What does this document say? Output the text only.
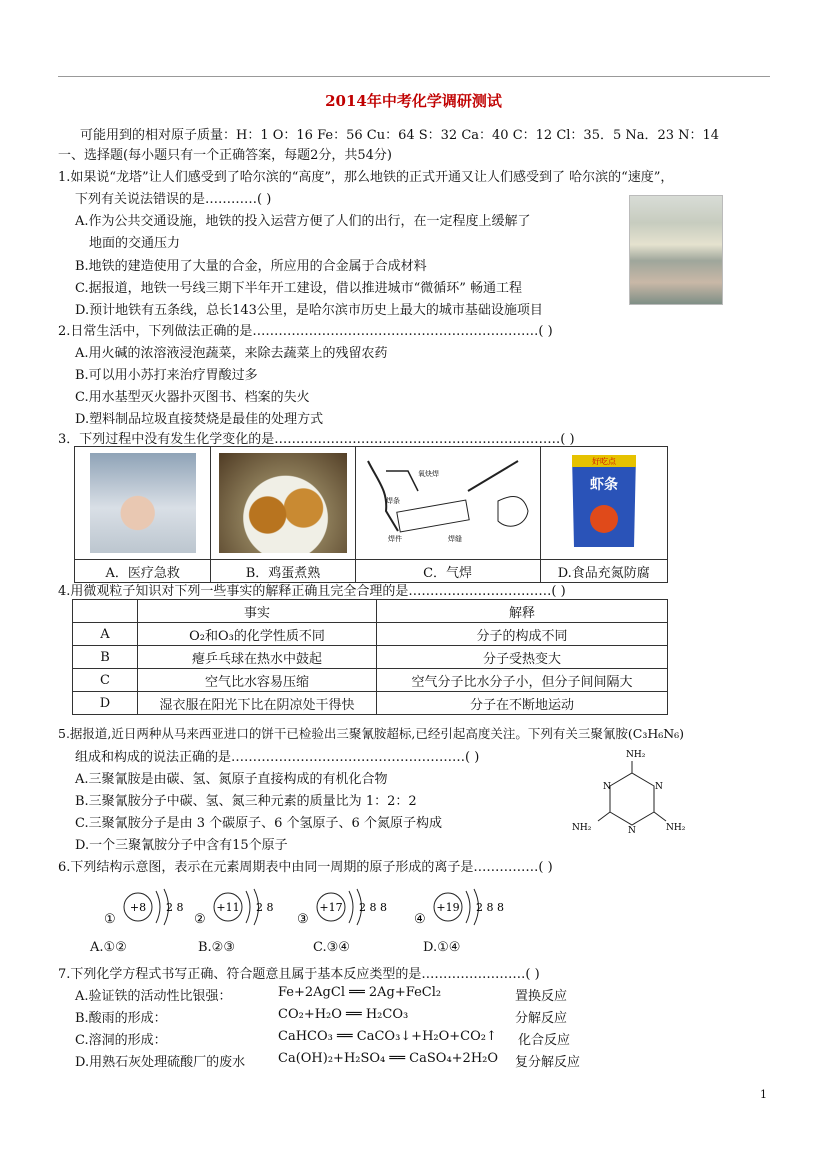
2014年中考化学调研测试
可能用到的相对原子质量：H：1 O：16 Fe：56 Cu：64 S：32 Ca：40 C：12 Cl：35．5 Na．23 N：14
一、选择题(每小题只有一个正确答案，每题2分，共54分)
1.如果说“龙塔”让人们感受到了哈尔滨的“高度”，那么地铁的正式开通又让人们感受到了 哈尔滨的“速度”，
下列有关说法错误的是…………( )
A.作为公共交通设施，地铁的投入运营方便了人们的出行，在一定程度上缓解了
地面的交通压力
B.地铁的建造使用了大量的合金，所应用的合金属于合成材料
C.据报道，地铁一号线三期下半年开工建设，借以推进城市“微循环” 畅通工程
D.预计地铁有五条线，总长143公里，是哈尔滨市历史上最大的城市基础设施项目
2.日常生活中，下列做法正确的是…………………………………………………………( )
A.用火碱的浓溶液浸泡蔬菜，来除去蔬菜上的残留农药
B.可以用小苏打来治疗胃酸过多
C.用水基型灭火器扑灭图书、档案的失火
D.塑料制品垃圾直接焚烧是最佳的处理方式
3．下列过程中没有发生化学变化的是…………………………………………………………( )

氧炔焊
焊条
焊件 焊缝	好吃点
虾条

A．医疗急救	B．鸡蛋煮熟	C．气焊	D.食品充氮防腐
4.用微观粒子知识对下列一些事实的解释正确且完全合理的是……………………………( )
	事实	解释
A	O₂和O₃的化学性质不同	分子的构成不同
B	瘪乒乓球在热水中鼓起	分子受热变大
C	空气比水容易压缩	空气分子比水分子小，但分子间间隔大
D	湿衣服在阳光下比在阴凉处干得快	分子在不断地运动
5.据报道,近日两种从马来西亚进口的饼干已检验出三聚氰胺超标,已经引起高度关注。下列有关三聚氰胺(C₃H₆N₆)
组成和构成的说法正确的是………………………………………………( )
A.三聚氰胺是由碳、氢、氮原子直接构成的有机化合物
B.三聚氰胺分子中碳、氢、氮三种元素的质量比为 1：2：2
C.三聚氰胺分子是由 3 个碳原子、6 个氢原子、6 个氮原子构成
D.一个三聚氰胺分子中含有15个原子
NH₂
N	N
N
NH₂	NH₂
6.下列结构示意图，表示在元素周期表中由同一周期的原子形成的离子是……………( )
①
+8 2 8
②
+11 2 8
③
+17 2 8 8
④
+19 2 8 8
A.①②	B.②③	C.③④	D.①④
7.下列化学方程式书写正确、符合题意且属于基本反应类型的是……………………( )
A.验证铁的活动性比银强：	Fe+2AgCl ══ 2Ag+FeCl₂	置换反应
B.酸雨的形成：	CO₂+H₂O ══ H₂CO₃	分解反应
C.溶洞的形成：	CaHCO₃ ══ CaCO₃↓+H₂O+CO₂↑ 化合反应
D.用熟石灰处理硫酸厂的废水	Ca(OH)₂+H₂SO₄ ══ CaSO₄+2H₂O 复分解反应
1
